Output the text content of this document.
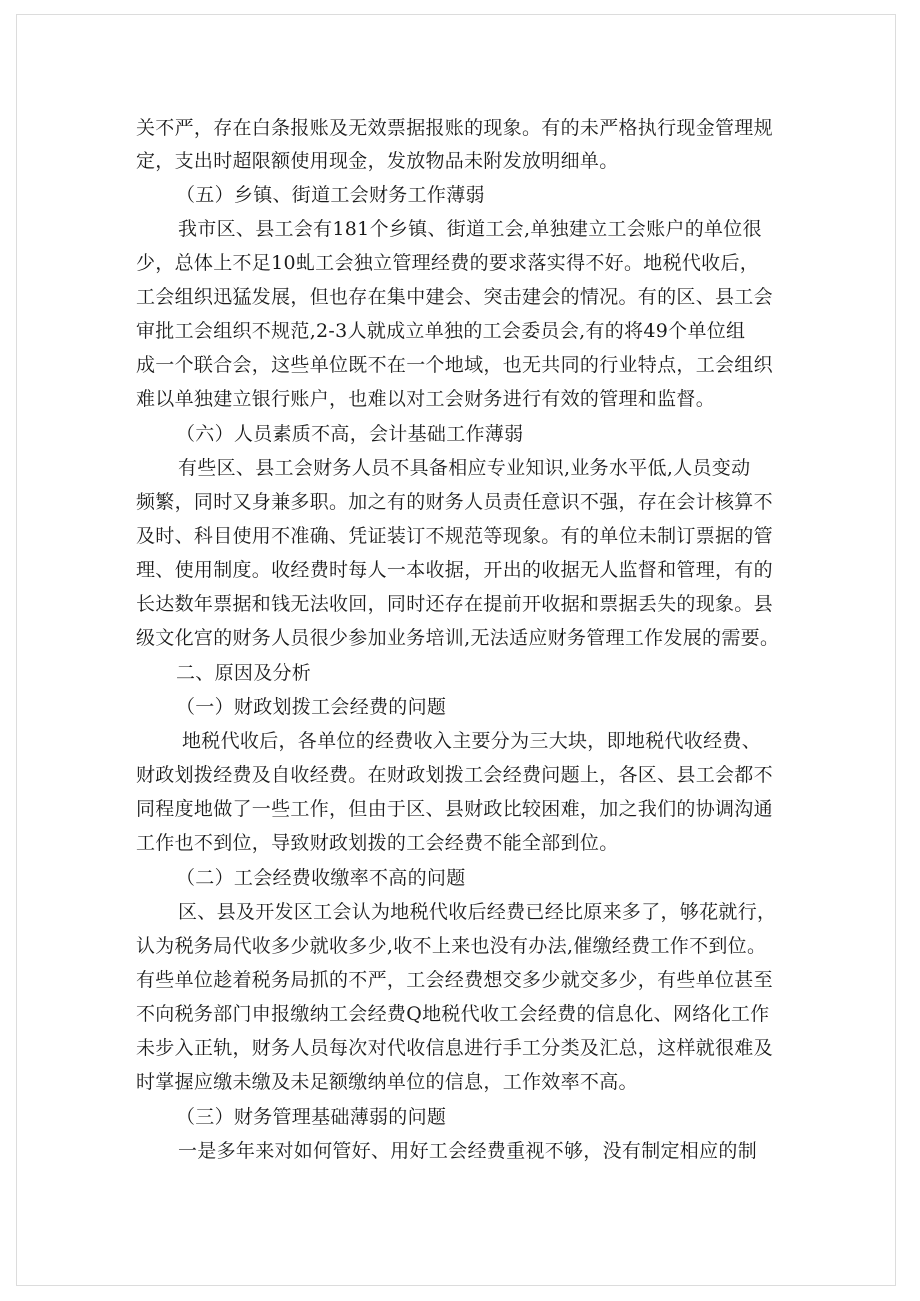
关不严，存在白条报账及无效票据报账的现象。有的未严格执行现金管理规
定，支出时超限额使用现金，发放物品未附发放明细单。
（五）乡镇、街道工会财务工作薄弱
我市区、县工会有181个乡镇、街道工会,单独建立工会账户的单位很
少，总体上不足10虬工会独立管理经费的要求落实得不好。地税代收后，
工会组织迅猛发展，但也存在集中建会、突击建会的情况。有的区、县工会
审批工会组织不规范,2-3人就成立单独的工会委员会,有的将49个单位组
成一个联合会，这些单位既不在一个地域，也无共同的行业特点，工会组织
难以单独建立银行账户，也难以对工会财务进行有效的管理和监督。
（六）人员素质不高，会计基础工作薄弱
有些区、县工会财务人员不具备相应专业知识,业务水平低,人员变动
频繁，同时又身兼多职。加之有的财务人员责任意识不强，存在会计核算不
及时、科目使用不准确、凭证装订不规范等现象。有的单位未制订票据的管
理、使用制度。收经费时每人一本收据，开出的收据无人监督和管理，有的
长达数年票据和钱无法收回，同时还存在提前开收据和票据丢失的现象。县
级文化宫的财务人员很少参加业务培训,无法适应财务管理工作发展的需要。
二、原因及分析
（一）财政划拨工会经费的问题
地税代收后，各单位的经费收入主要分为三大块，即地税代收经费、
财政划拨经费及自收经费。在财政划拨工会经费问题上，各区、县工会都不
同程度地做了一些工作，但由于区、县财政比较困难，加之我们的协调沟通
工作也不到位，导致财政划拨的工会经费不能全部到位。
（二）工会经费收缴率不高的问题
区、县及开发区工会认为地税代收后经费已经比原来多了，够花就行，
认为税务局代收多少就收多少,收不上来也没有办法,催缴经费工作不到位。
有些单位趁着税务局抓的不严，工会经费想交多少就交多少，有些单位甚至
不向税务部门申报缴纳工会经费Q地税代收工会经费的信息化、网络化工作
未步入正轨，财务人员每次对代收信息进行手工分类及汇总，这样就很难及
时掌握应缴未缴及未足额缴纳单位的信息，工作效率不高。
（三）财务管理基础薄弱的问题
一是多年来对如何管好、用好工会经费重视不够，没有制定相应的制
